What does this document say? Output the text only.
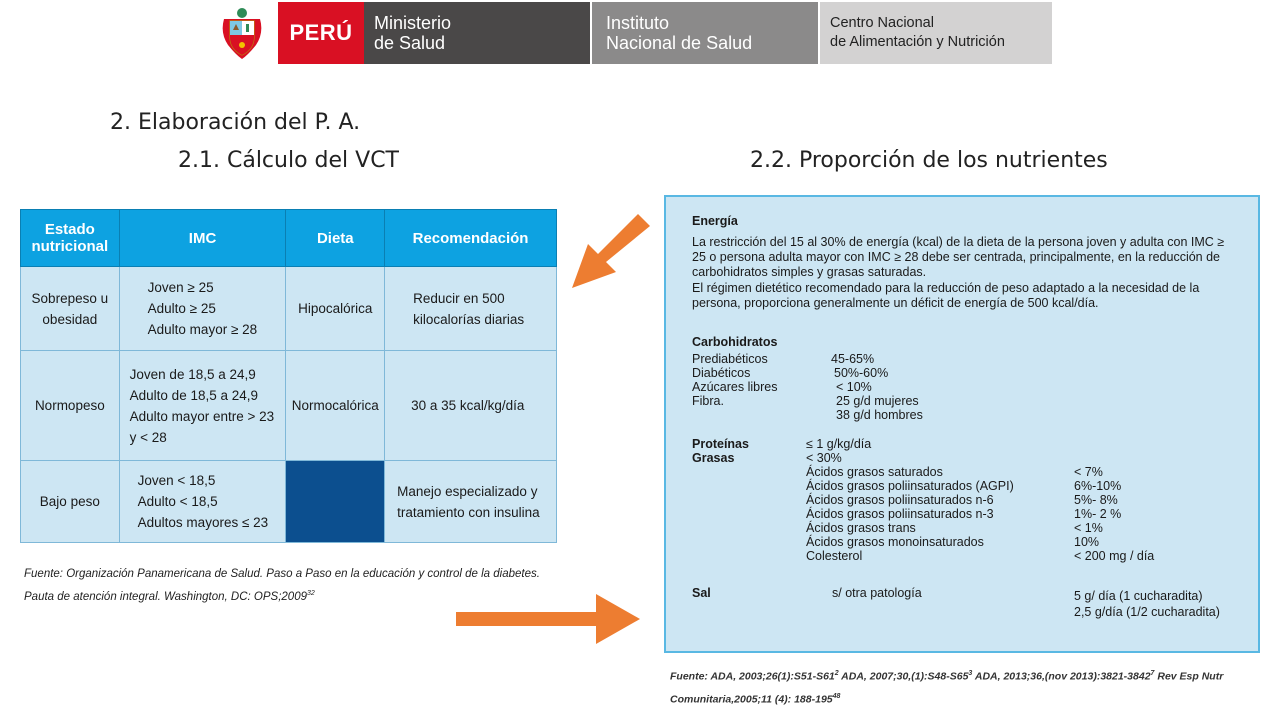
PERÚ	Ministerio
de Salud
Instituto
Nacional de Salud
Centro Nacional
de Alimentación y Nutrición
2. Elaboración del P. A.
2.1. Cálculo del VCT	2.2. Proporción de los nutrientes
Estado nutricional	IMC	Dieta	Recomendación
Sobrepeso u obesidad	Joven ≥ 25
Adulto ≥ 25
Adulto mayor ≥ 28	Hipocalórica	Reducir en 500
kilocalorías diarias

Normopeso	Joven de 18,5 a 24,9
Adulto de 18,5 a 24,9
Adulto mayor entre > 23
y < 28	Normocalórica	30 a 35 kcal/kg/día

Bajo peso	Joven < 18,5
Adulto < 18,5
Adultos mayores ≤ 23		Manejo especializado y
tratamiento con insulina
Fuente: Organización Panamericana de Salud. Paso a Paso en la educación y control de la diabetes.
Pauta de atención integral. Washington, DC: OPS;2009$^{32}$
Energía
La restricción del 15 al 30% de energía (kcal) de la dieta de la persona joven y adulta con IMC ≥ 25 o persona adulta mayor con IMC ≥ 28 debe ser centrada, principalmente, en la reducción de carbohidratos simples y grasas saturadas.
El régimen dietético recomendado para la reducción de peso adaptado a la necesidad de la persona, proporciona generalmente un déficit de energía de 500 kcal/día.
Carbohidratos
Prediabéticos	45-65%
Diabéticos	50%-60%
Azúcares libres	< 10%
Fibra.	25 g/d mujeres
38 g/d hombres
Proteínas	≤ 1 g/kg/día
Grasas	< 30%
Ácidos grasos saturados	< 7%
Ácidos grasos poliinsaturados (AGPI)	6%-10%
Ácidos grasos poliinsaturados n-6	5%- 8%
Ácidos grasos poliinsaturados n-3	1%- 2 %
Ácidos grasos trans	< 1%
Ácidos grasos monoinsaturados	10%
Colesterol	< 200 mg / día
Sal	s/ otra patología	5 g/ día (1 cucharadita)
2,5 g/día (1/2 cucharadita)
Fuente: ADA, $2003;26(1):S51-S61^2$ ADA, $2007;30,(1):S48-S65^3$ ADA, 2013;36,(nov 2013):3821-3842$^7$ Rev Esp Nutr
Comunitaria,2005;11 (4): $188-195^{48}$
